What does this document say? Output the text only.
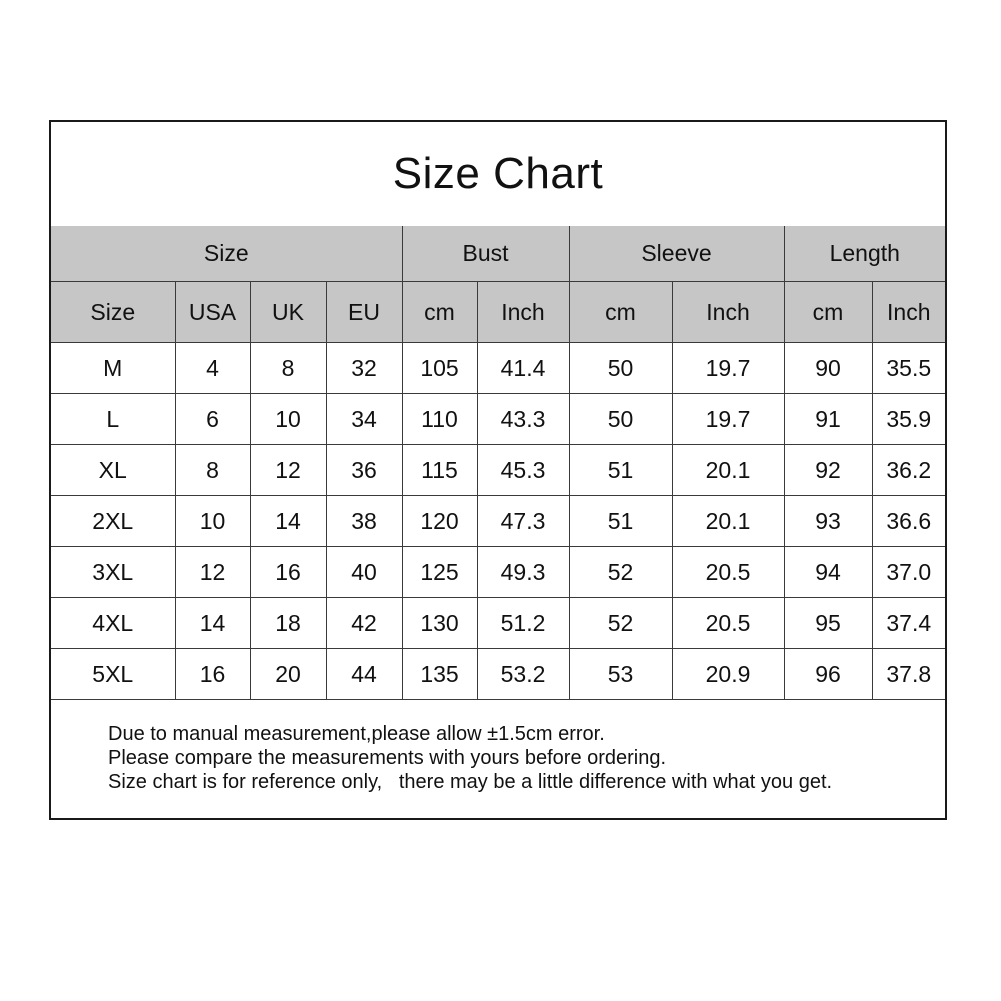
Size Chart
Size				Bust		Sleeve		Length	
Size	USA	UK	EU	cm	Inch	cm	Inch	cm	Inch
M	4	8	32	105	41.4	50	19.7	90	35.5
L	6	10	34	110	43.3	50	19.7	91	35.9
XL	8	12	36	115	45.3	51	20.1	92	36.2
2XL	10	14	38	120	47.3	51	20.1	93	36.6
3XL	12	16	40	125	49.3	52	20.5	94	37.0
4XL	14	18	42	130	51.2	52	20.5	95	37.4
5XL	16	20	44	135	53.2	53	20.9	96	37.8
Due to manual measurement,please allow ±1.5cm error.
Please compare the measurements with yours before ordering.
Size chart is for reference only,   there may be a little difference with what you get.
